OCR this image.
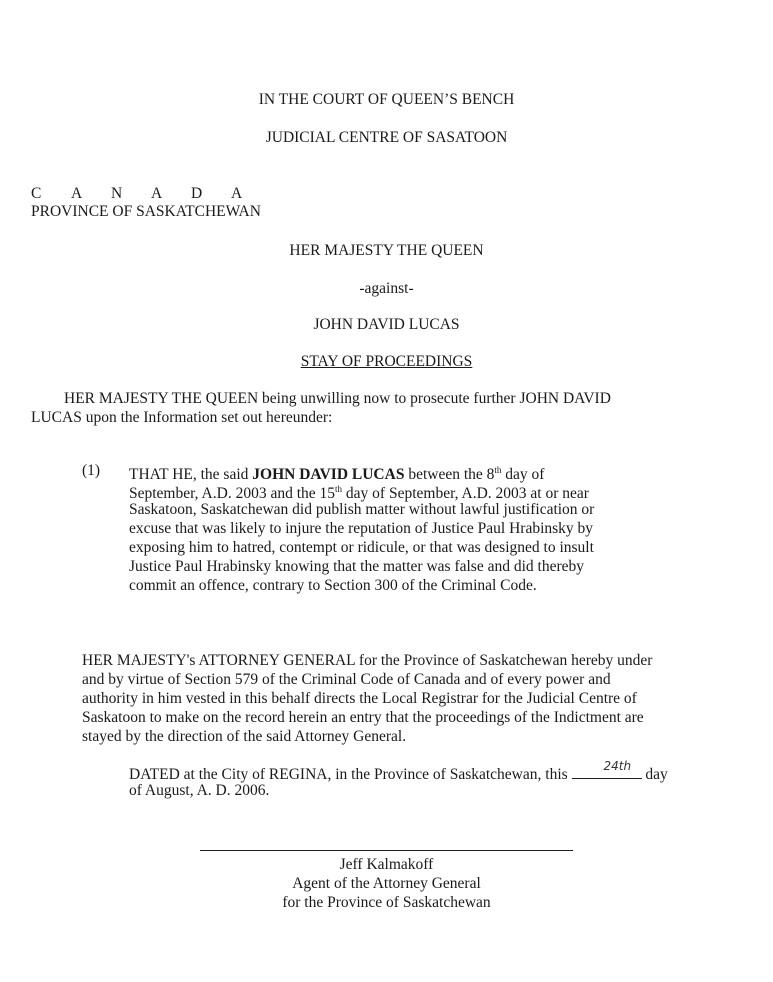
IN THE COURT OF QUEEN’S BENCH
JUDICIAL CENTRE OF SASATOON
C A N A D A
PROVINCE OF SASKATCHEWAN
HER MAJESTY THE QUEEN
-against-
JOHN DAVID LUCAS
STAY OF PROCEEDINGS
HER MAJESTY THE QUEEN being unwilling now to prosecute further JOHN DAVID
LUCAS upon the Information set out hereunder:
(1) THAT HE, the said JOHN DAVID LUCAS between the 8th day of
September, A.D. 2003 and the 15th day of September, A.D. 2003 at or near
Saskatoon, Saskatchewan did publish matter without lawful justification or
excuse that was likely to injure the reputation of Justice Paul Hrabinsky by
exposing him to hatred, contempt or ridicule, or that was designed to insult
Justice Paul Hrabinsky knowing that the matter was false and did thereby
commit an offence, contrary to Section 300 of the Criminal Code.
HER MAJESTY's ATTORNEY GENERAL for the Province of Saskatchewan hereby under
and by virtue of Section 579 of the Criminal Code of Canada and of every power and
authority in him vested in this behalf directs the Local Registrar for the Judicial Centre of
Saskatoon to make on the record herein an entry that the proceedings of the Indictment are
stayed by the direction of the said Attorney General.
DATED at the City of REGINA, in the Province of Saskatchewan, this	24th day
of August, A. D. 2006.
Jeff Kalmakoff
Agent of the Attorney General
for the Province of Saskatchewan
